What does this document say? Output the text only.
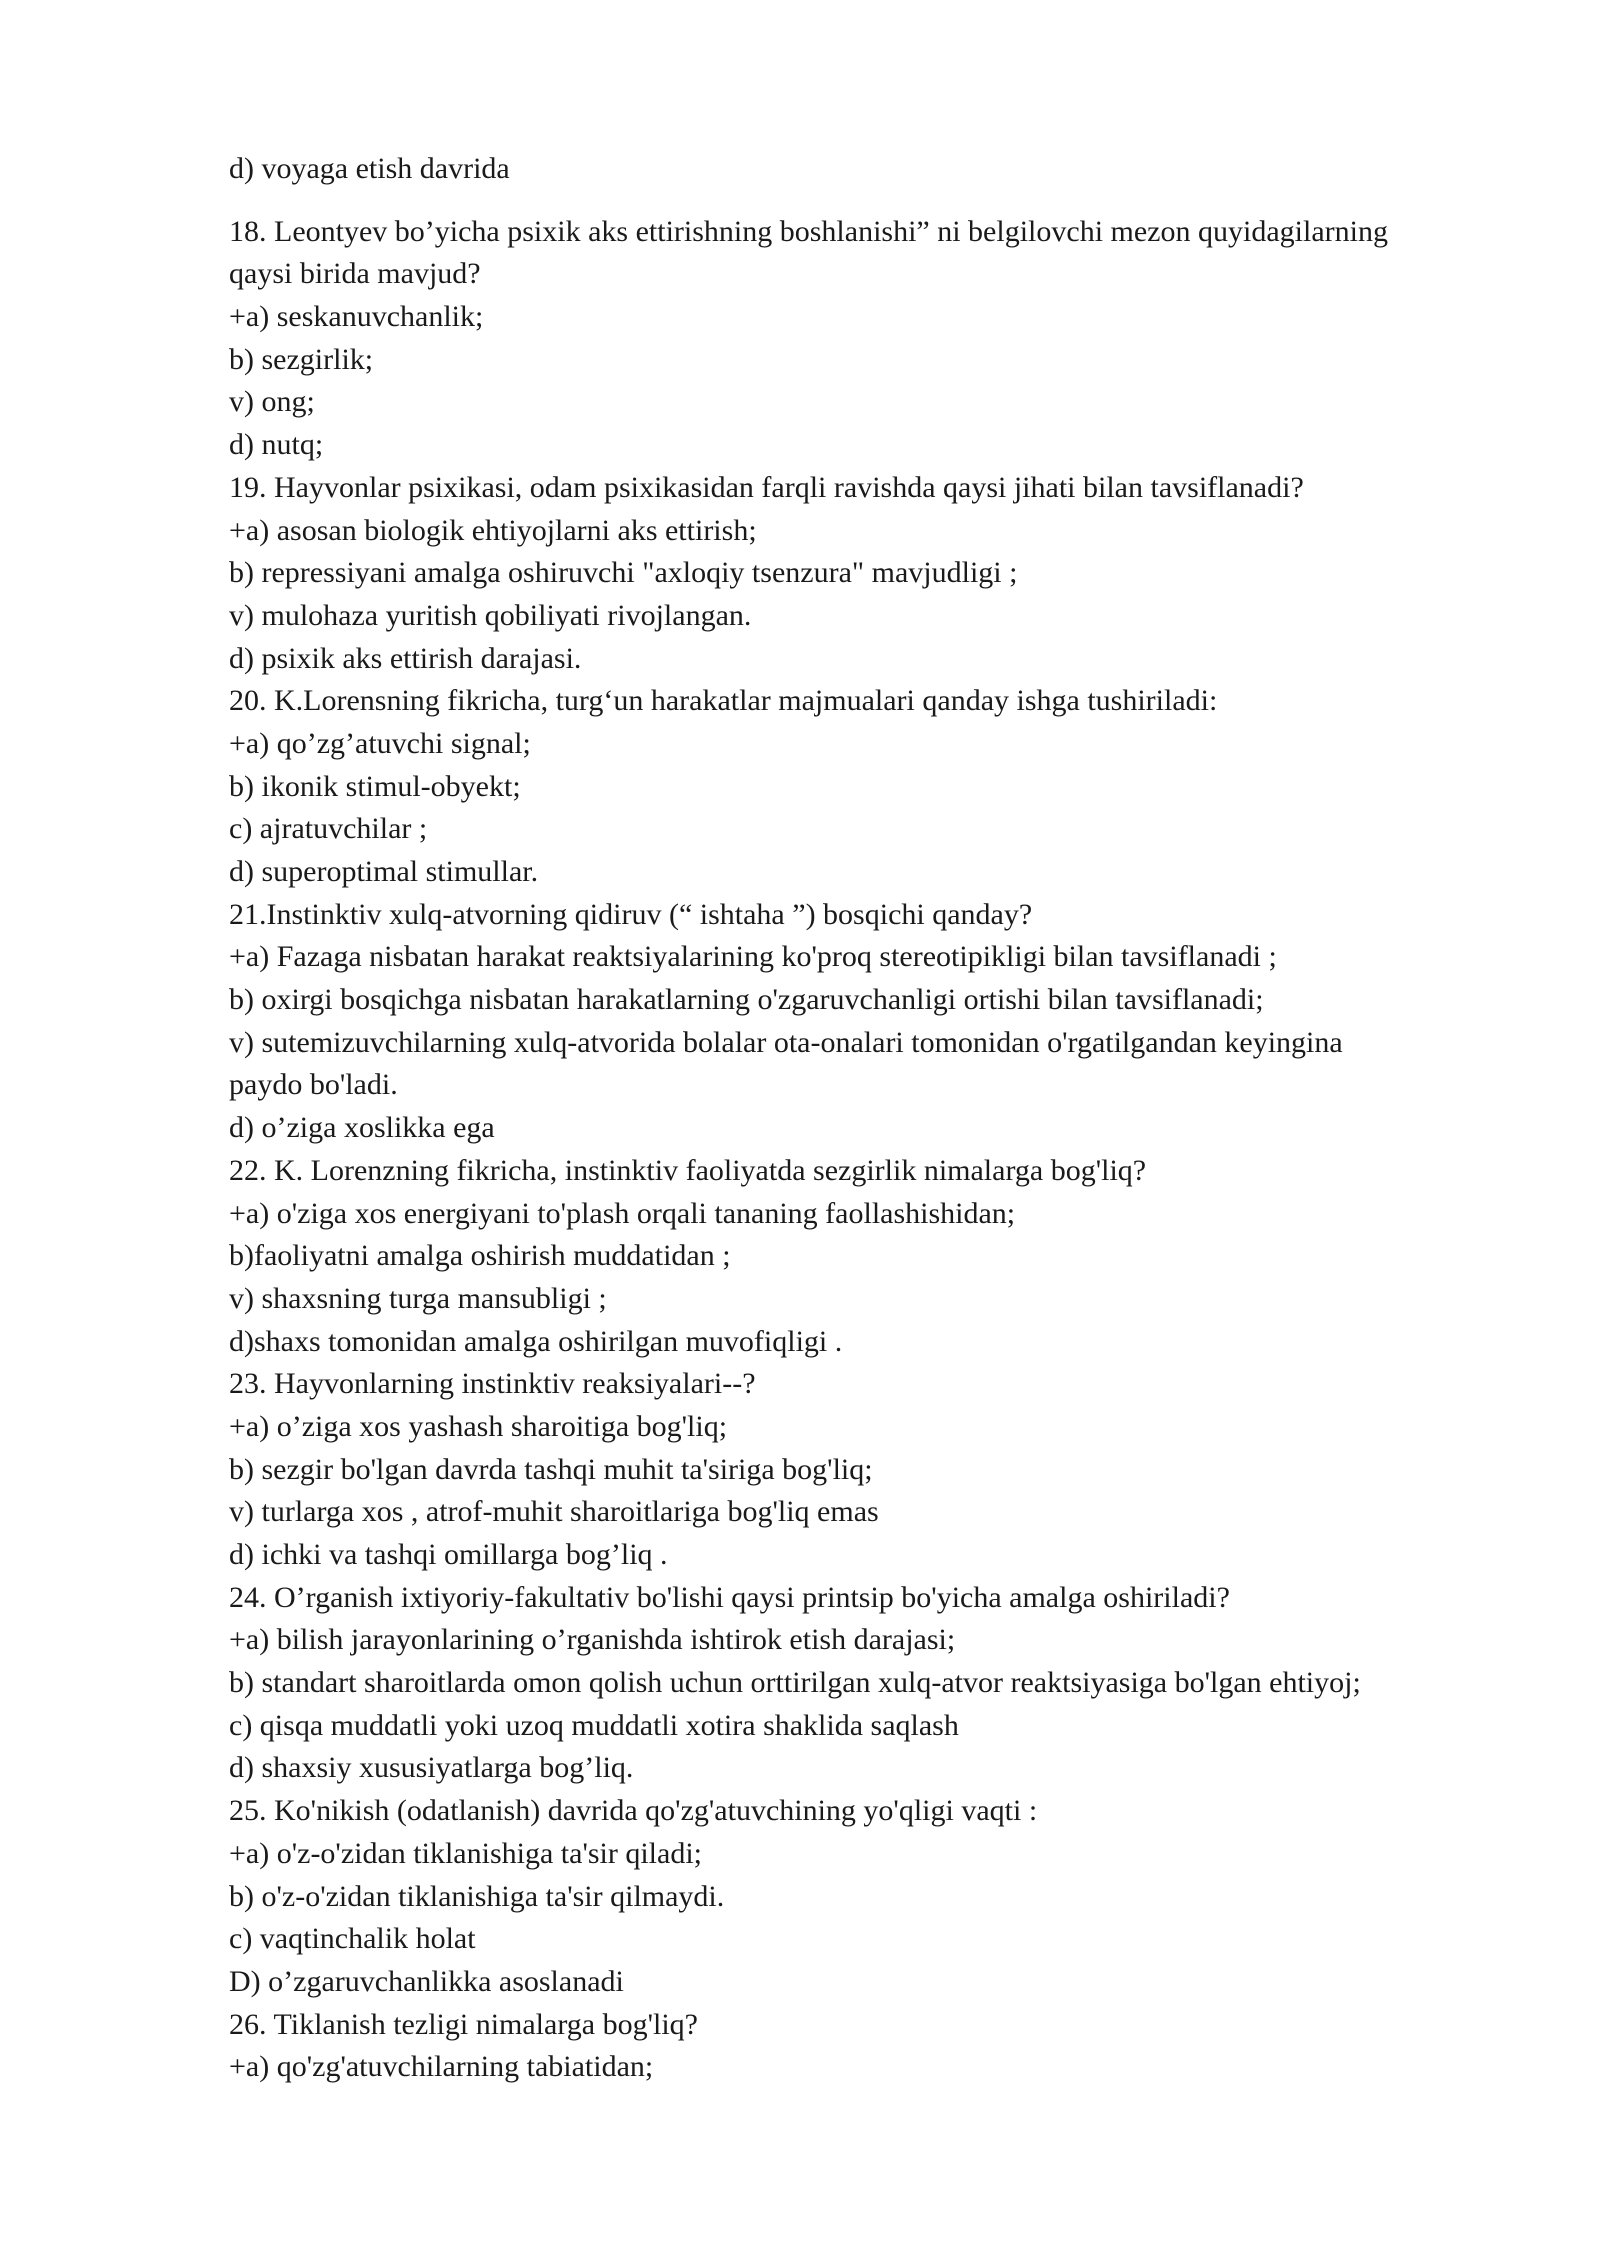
d) voyaga etish davrida
18. Leontyev bo’yicha psixik aks ettirishning boshlanishi” ni belgilovchi mezon quyidagilarning
qaysi birida mavjud?
+a) seskanuvchanlik;
b) sezgirlik;
v) ong;
d) nutq;
19. Hayvonlar psixikasi, odam psixikasidan farqli ravishda qaysi jihati bilan tavsiflanadi?
+a) asosan biologik ehtiyojlarni aks ettirish;
b) repressiyani amalga oshiruvchi "axloqiy tsenzura" mavjudligi ;
v) mulohaza yuritish qobiliyati rivojlangan.
d) psixik aks ettirish darajasi.
20. K.Lorensning fikricha, turg‘un harakatlar majmualari qanday ishga tushiriladi:
+a) qo’zg’atuvchi signal;
b) ikonik stimul-obyekt;
c) ajratuvchilar ;
d) superoptimal stimullar.
21.Instinktiv xulq-atvorning qidiruv (“ ishtaha ”) bosqichi qanday?
+a) Fazaga nisbatan harakat reaktsiyalarining ko'proq stereotipikligi bilan tavsiflanadi ;
b) oxirgi bosqichga nisbatan harakatlarning o'zgaruvchanligi ortishi bilan tavsiflanadi;
v) sutemizuvchilarning xulq-atvorida bolalar ota-onalari tomonidan o'rgatilgandan keyingina
paydo bo'ladi.
d) o’ziga xoslikka ega
22. K. Lorenzning fikricha, instinktiv faoliyatda sezgirlik nimalarga bog'liq?
+a) o'ziga xos energiyani to'plash orqali tananing faollashishidan;
b)faoliyatni amalga oshirish muddatidan ;
v) shaxsning turga mansubligi ;
d)shaxs tomonidan amalga oshirilgan muvofiqligi .
23. Hayvonlarning instinktiv reaksiyalari--?
+a) o’ziga xos yashash sharoitiga bog'liq;
b) sezgir bo'lgan davrda tashqi muhit ta'siriga bog'liq;
v) turlarga xos , atrof-muhit sharoitlariga bog'liq emas
d) ichki va tashqi omillarga bog’liq .
24. O’rganish ixtiyoriy-fakultativ bo'lishi qaysi printsip bo'yicha amalga oshiriladi?
+a) bilish jarayonlarining o’rganishda ishtirok etish darajasi;
b) standart sharoitlarda omon qolish uchun orttirilgan xulq-atvor reaktsiyasiga bo'lgan ehtiyoj;
c) qisqa muddatli yoki uzoq muddatli xotira shaklida saqlash
d) shaxsiy xususiyatlarga bog’liq.
25. Ko'nikish (odatlanish) davrida qo'zg'atuvchining yo'qligi vaqti :
+a) o'z-o'zidan tiklanishiga ta'sir qiladi;
b) o'z-o'zidan tiklanishiga ta'sir qilmaydi.
c) vaqtinchalik holat
D) o’zgaruvchanlikka asoslanadi
26. Tiklanish tezligi nimalarga bog'liq?
+a) qo'zg'atuvchilarning tabiatidan;
